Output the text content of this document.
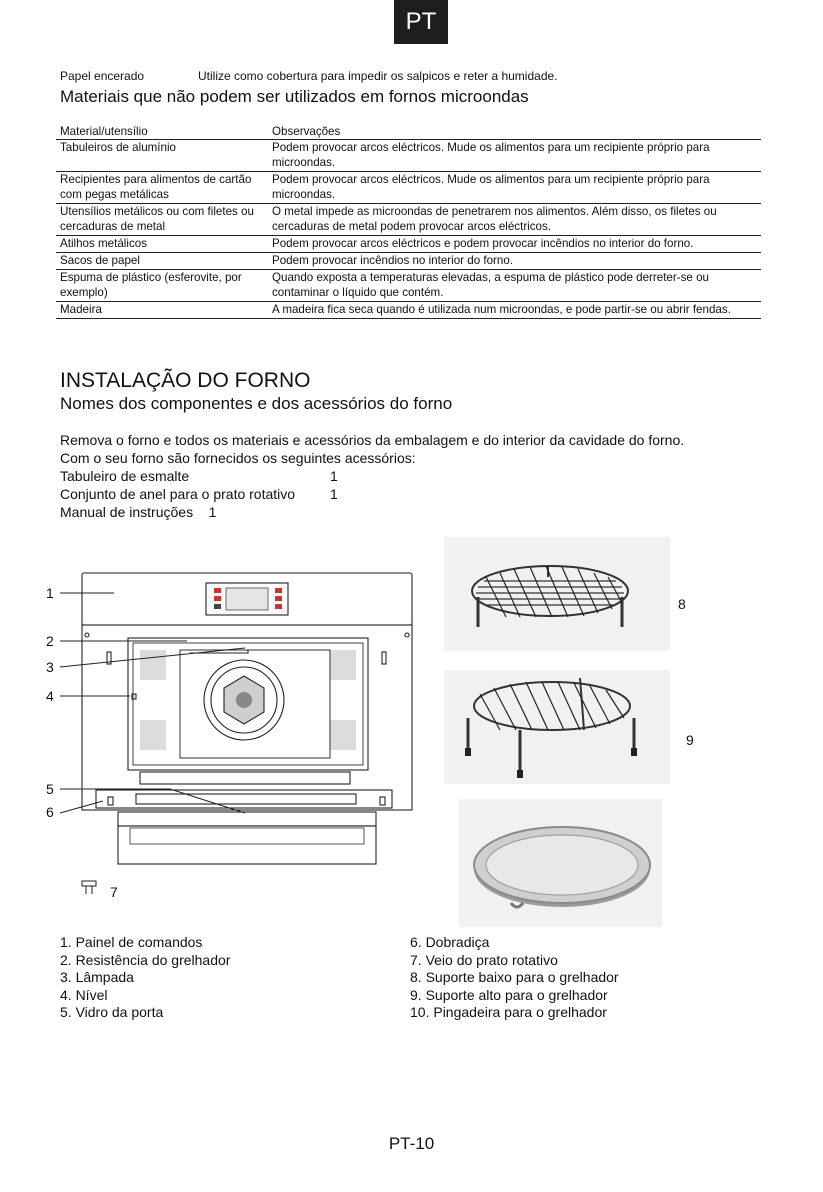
PT
Papel encerado	Utilize como cobertura para impedir os salpicos e reter a humidade.
Materiais que não podem ser utilizados em fornos microondas
Material/utensílio	Observações
Tabuleiros de alumínio	Podem provocar arcos eléctricos. Mude os alimentos para um recipiente próprio para microondas.
Recipientes para alimentos de cartão com pegas metálicas	Podem provocar arcos eléctricos. Mude os alimentos para um recipiente próprio para microondas.
Utensílios metálicos ou com filetes ou cercaduras de metal	O metal impede as microondas de penetrarem nos alimentos. Além disso, os filetes ou cercaduras de metal podem provocar arcos eléctricos.
Atilhos metálicos	Podem provocar arcos eléctricos e podem provocar incêndios no interior do forno.
Sacos de papel	Podem provocar incêndios no interior do forno.
Espuma de plástico (esferovite, por exemplo)	Quando exposta a temperaturas elevadas, a espuma de plástico pode derreter-se ou contaminar o líquido que contém.
Madeira	A madeira fica seca quando é utilizada num microondas, e pode partir-se ou abrir fendas.
INSTALAÇÃO DO FORNO
Nomes dos componentes e dos acessórios do forno

Remova o forno e todos os materiais e acessórios da embalagem e do interior da cavidade do forno.

Com o seu forno são fornecidos os seguintes acessórios:

Tabuleiro de esmalte	1
Conjunto de anel para o prato rotativo 1

Manual de instruções    1

1
2
3
4
5
6
7
8
9
1. Painel de comandos
2. Resistência do grelhador
3. Lâmpada
4. Nível
5. Vidro da porta
6. Dobradiça
7. Veio do prato rotativo
8. Suporte baixo para o grelhador
9. Suporte alto para o grelhador
10. Pingadeira para o grelhador
PT-10
